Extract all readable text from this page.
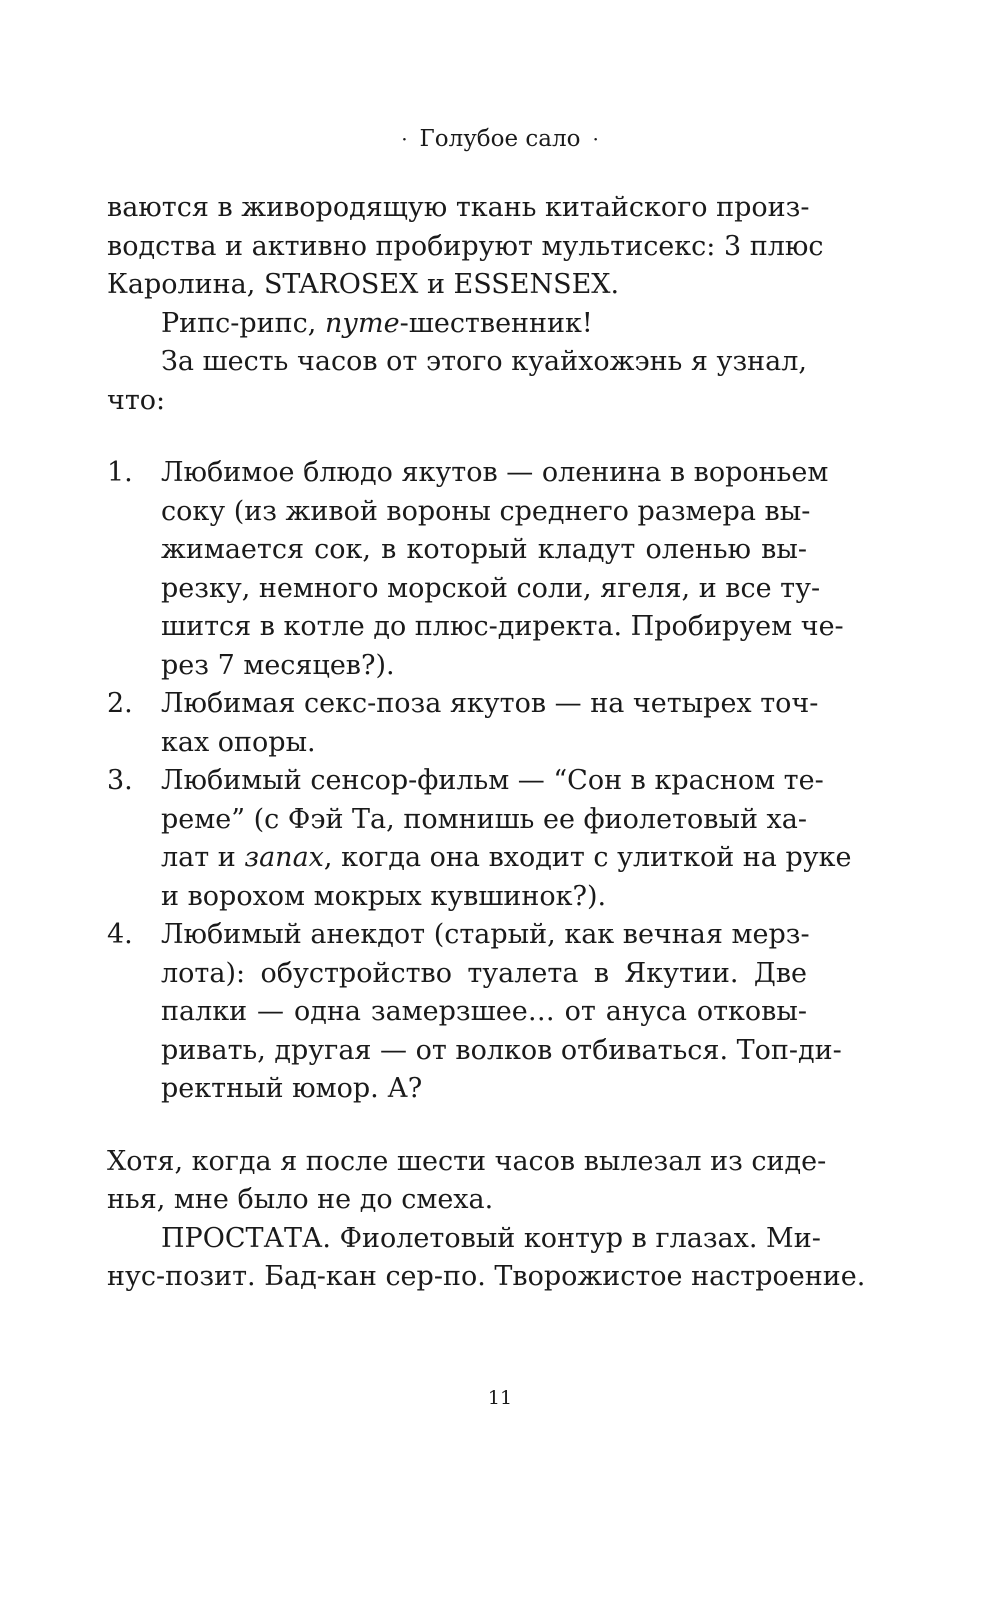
· Голубое сало ·
ваются в живородящую ткань китайского произ-
водства и активно пробируют мультисекс: 3 плюс
Каролина, STAROSEX и ESSENSEX.
Рипс-рипс, путе-шественник!
За шесть часов от этого куайхожэнь я узнал,
что:
1. Любимое блюдо якутов — оленина в вороньем
соку (из живой вороны среднего размера вы-
жимается сок, в который кладут оленью вы-
резку, немного морской соли, ягеля, и все ту-
шится в котле до плюс-директа. Пробируем че-
рез 7 месяцев?).
2. Любимая секс-поза якутов — на четырех точ-
ках опоры.
3. Любимый сенсор-фильм — “Сон в красном те-
реме” (с Фэй Та, помнишь ее фиолетовый ха-
лат и запах, когда она входит с улиткой на руке
и ворохом мокрых кувшинок?).
4. Любимый анекдот (старый, как вечная мерз-
лота): обустройство туалета в Якутии. Две
палки — одна замерзшее… от ануса отковы-
ривать, другая — от волков отбиваться. Топ-ди-
ректный юмор. А?
Хотя, когда я после шести часов вылезал из сиде-
нья, мне было не до смеха.
ПРОСТАТА. Фиолетовый контур в глазах. Ми-
нус-позит. Бад-кан сер-по. Творожистое настроение.
11
